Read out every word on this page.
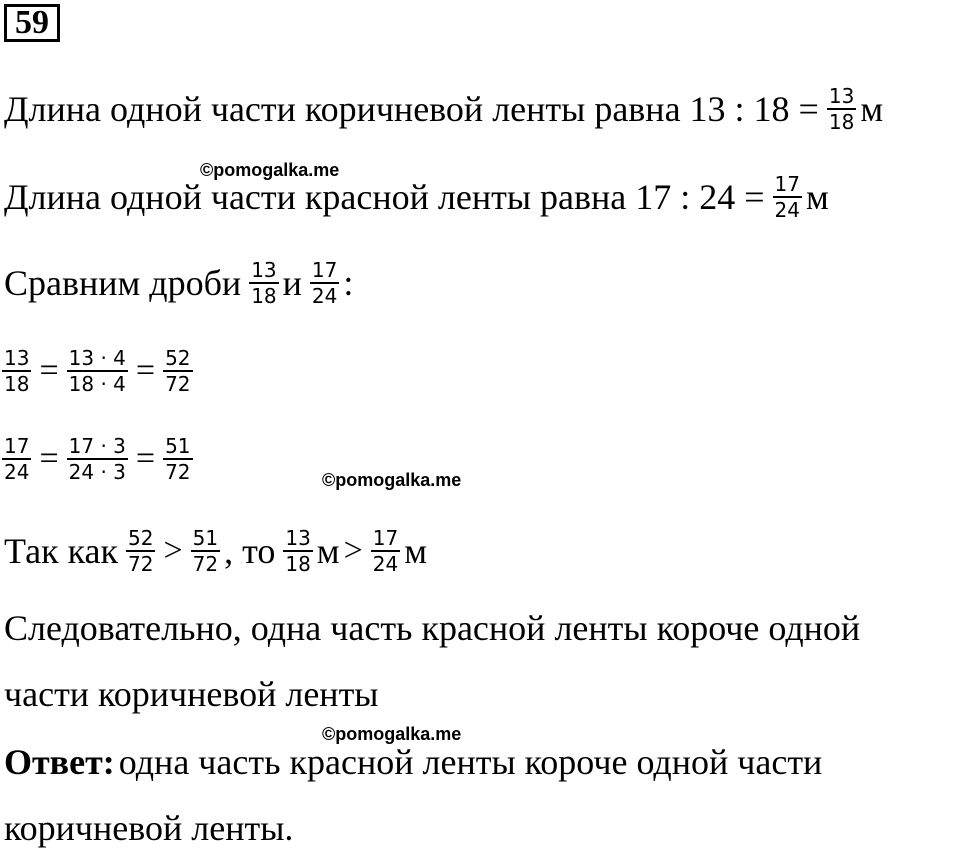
59
Длина одной части коричневой ленты равна 13 : $18 = \frac{13}{18}$ м
©pomogalka.me
Длина одной части красной ленты равна 17 : $24 = \frac{17}{24}$ м
Сравним дроби $\frac{13}{18}$ и $\frac{17}{24}$ :
$\frac{13}{18} = \frac{13 \cdot 4}{18 \cdot 4} = \frac{52}{72}$
$\frac{17}{24} = \frac{17 \cdot 3}{24 \cdot 3} = \frac{51}{72}$	©pomogalka.me
Так как $\frac{52}{72} > \frac{51}{72}$ , то $\frac{13}{18}$ $м > \frac{17}{24}$ м
Следовательно, одна часть красной ленты короче одной
части коричневой ленты
©pomogalka.me
Ответ: одна часть красной ленты короче одной части
коричневой ленты.
